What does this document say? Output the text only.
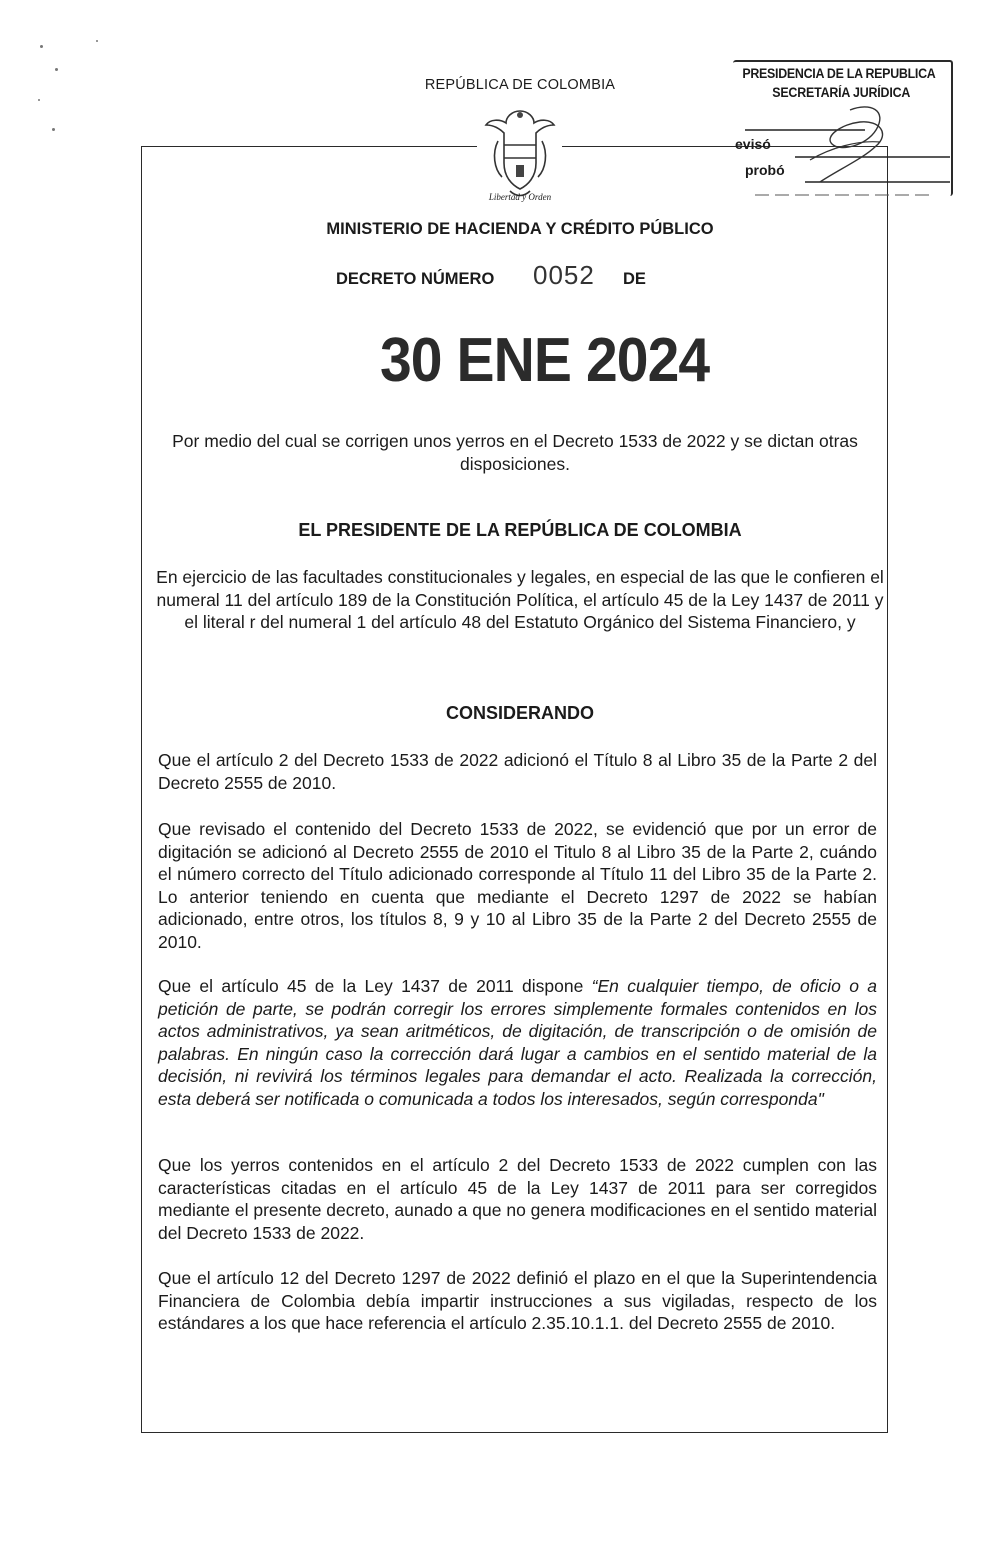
REPÚBLICA DE COLOMBIA
Libertad y Orden
PRESIDENCIA DE LA REPUBLICA
SECRETARÍA JURÍDICA
evisó
probó
MINISTERIO DE HACIENDA Y CRÉDITO PÚBLICO
DECRETO NÚMERO 0052 DE
30 ENE 2024
Por medio del cual se corrigen unos yerros en el Decreto 1533 de 2022 y se dictan otras disposiciones.
EL PRESIDENTE DE LA REPÚBLICA DE COLOMBIA
En ejercicio de las facultades constitucionales y legales, en especial de las que le confieren el numeral 11 del artículo 189 de la Constitución Política, el artículo 45 de la Ley 1437 de 2011 y el literal r del numeral 1 del artículo 48 del Estatuto Orgánico del Sistema Financiero, y
CONSIDERANDO
Que el artículo 2 del Decreto 1533 de 2022 adicionó el Título 8 al Libro 35 de la Parte 2 del Decreto 2555 de 2010.
Que revisado el contenido del Decreto 1533 de 2022, se evidenció que por un error de digitación se adicionó al Decreto 2555 de 2010 el Titulo 8 al Libro 35 de la Parte 2, cuándo el número correcto del Título adicionado corresponde al Título 11 del Libro 35 de la Parte 2. Lo anterior teniendo en cuenta que mediante el Decreto 1297 de 2022 se habían adicionado, entre otros, los títulos 8, 9 y 10 al Libro 35 de la Parte 2 del Decreto 2555 de 2010.
Que el artículo 45 de la Ley 1437 de 2011 dispone “En cualquier tiempo, de oficio o a petición de parte, se podrán corregir los errores simplemente formales contenidos en los actos administrativos, ya sean aritméticos, de digitación, de transcripción o de omisión de palabras. En ningún caso la corrección dará lugar a cambios en el sentido material de la decisión, ni revivirá los términos legales para demandar el acto. Realizada la corrección, esta deberá ser notificada o comunicada a todos los interesados, según corresponda"
Que los yerros contenidos en el artículo 2 del Decreto 1533 de 2022 cumplen con las características citadas en el artículo 45 de la Ley 1437 de 2011 para ser corregidos mediante el presente decreto, aunado a que no genera modificaciones en el sentido material del Decreto 1533 de 2022.
Que el artículo 12 del Decreto 1297 de 2022 definió el plazo en el que la Superintendencia Financiera de Colombia debía impartir instrucciones a sus vigiladas, respecto de los estándares a los que hace referencia el artículo 2.35.10.1.1. del Decreto 2555 de 2010.
